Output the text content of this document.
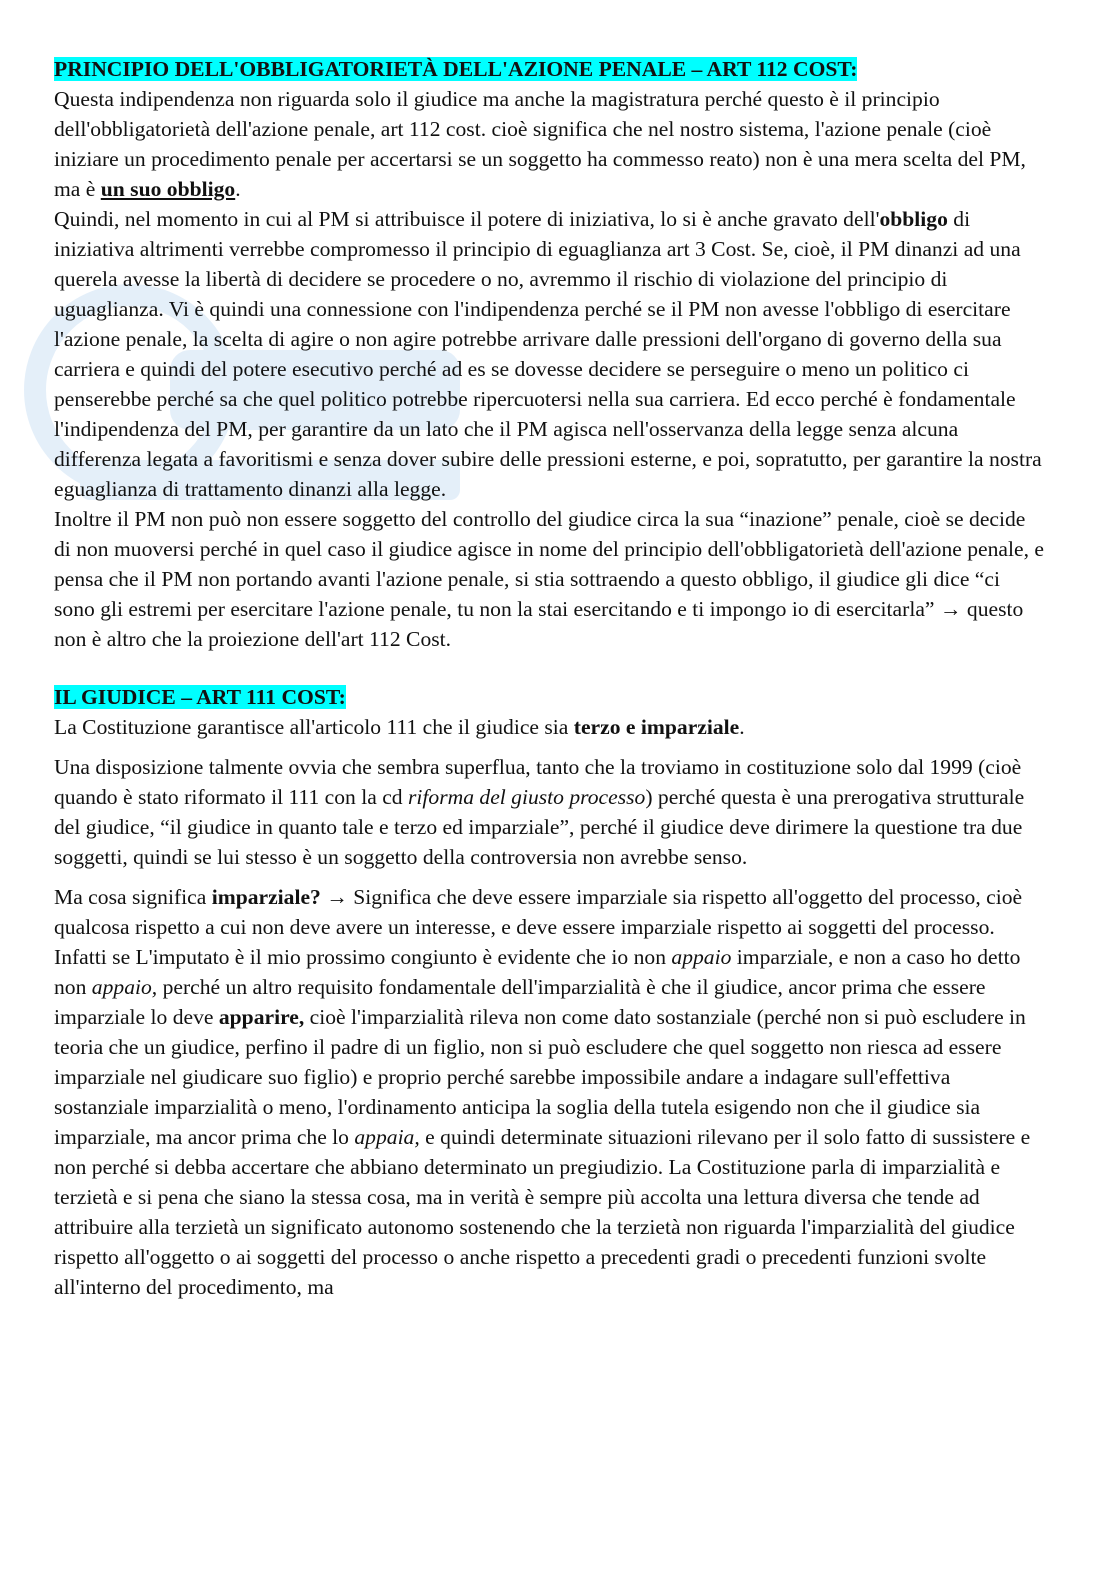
PRINCIPIO DELL'OBBLIGATORIETÀ DELL'AZIONE PENALE – ART 112 COST:

Questa indipendenza non riguarda solo il giudice ma anche la magistratura perché questo è il principio dell'obbligatorietà dell'azione penale, art 112 cost. cioè significa che nel nostro sistema, l'azione penale (cioè iniziare un procedimento penale per accertarsi se un soggetto ha commesso reato) non è una mera scelta del PM, ma è un suo obbligo.

Quindi, nel momento in cui al PM si attribuisce il potere di iniziativa, lo si è anche gravato dell'obbligo di iniziativa altrimenti verrebbe compromesso il principio di eguaglianza art 3 Cost. Se, cioè, il PM dinanzi ad una querela avesse la libertà di decidere se procedere o no, avremmo il rischio di violazione del principio di uguaglianza. Vi è quindi una connessione con l'indipendenza perché se il PM non avesse l'obbligo di esercitare l'azione penale, la scelta di agire o non agire potrebbe arrivare dalle pressioni dell'organo di governo della sua carriera e quindi del potere esecutivo perché ad es se dovesse decidere se perseguire o meno un politico ci penserebbe perché sa che quel politico potrebbe ripercuotersi nella sua carriera. Ed ecco perché è fondamentale l'indipendenza del PM, per garantire da un lato che il PM agisca nell'osservanza della legge senza alcuna differenza legata a favoritismi e senza dover subire delle pressioni esterne, e poi, sopratutto, per garantire la nostra eguaglianza di trattamento dinanzi alla legge.

Inoltre il PM non può non essere soggetto del controllo del giudice circa la sua “inazione” penale, cioè se decide di non muoversi perché in quel caso il giudice agisce in nome del principio dell'obbligatorietà dell'azione penale, e pensa che il PM non portando avanti l'azione penale, si stia sottraendo a questo obbligo, il giudice gli dice “ci sono gli estremi per esercitare l'azione penale, tu non la stai esercitando e ti impongo io di esercitarla” → questo non è altro che la proiezione dell'art 112 Cost.

IL GIUDICE – ART 111 COST:

La Costituzione garantisce all'articolo 111 che il giudice sia terzo e imparziale.

Una disposizione talmente ovvia che sembra superflua, tanto che la troviamo in costituzione solo dal 1999 (cioè quando è stato riformato il 111 con la cd riforma del giusto processo) perché questa è una prerogativa strutturale del giudice, “il giudice in quanto tale e terzo ed imparziale”, perché il giudice deve dirimere la questione tra due soggetti, quindi se lui stesso è un soggetto della controversia non avrebbe senso.

Ma cosa significa imparziale? → Significa che deve essere imparziale sia rispetto all'oggetto del processo, cioè qualcosa rispetto a cui non deve avere un interesse, e deve essere imparziale rispetto ai soggetti del processo. Infatti se L'imputato è il mio prossimo congiunto è evidente che io non appaio imparziale, e non a caso ho detto non appaio, perché un altro requisito fondamentale dell'imparzialità è che il giudice, ancor prima che essere imparziale lo deve apparire, cioè l'imparzialità rileva non come dato sostanziale (perché non si può escludere in teoria che un giudice, perfino il padre di un figlio, non si può escludere che quel soggetto non riesca ad essere imparziale nel giudicare suo figlio) e proprio perché sarebbe impossibile andare a indagare sull'effettiva sostanziale imparzialità o meno, l'ordinamento anticipa la soglia della tutela esigendo non che il giudice sia imparziale, ma ancor prima che lo appaia, e quindi determinate situazioni rilevano per il solo fatto di sussistere e non perché si debba accertare che abbiano determinato un pregiudizio. La Costituzione parla di imparzialità e terzietà e si pena che siano la stessa cosa, ma in verità è sempre più accolta una lettura diversa che tende ad attribuire alla terzietà un significato autonomo sostenendo che la terzietà non riguarda l'imparzialità del giudice rispetto all'oggetto o ai soggetti del processo o anche rispetto a precedenti gradi o precedenti funzioni svolte all'interno del procedimento, ma
